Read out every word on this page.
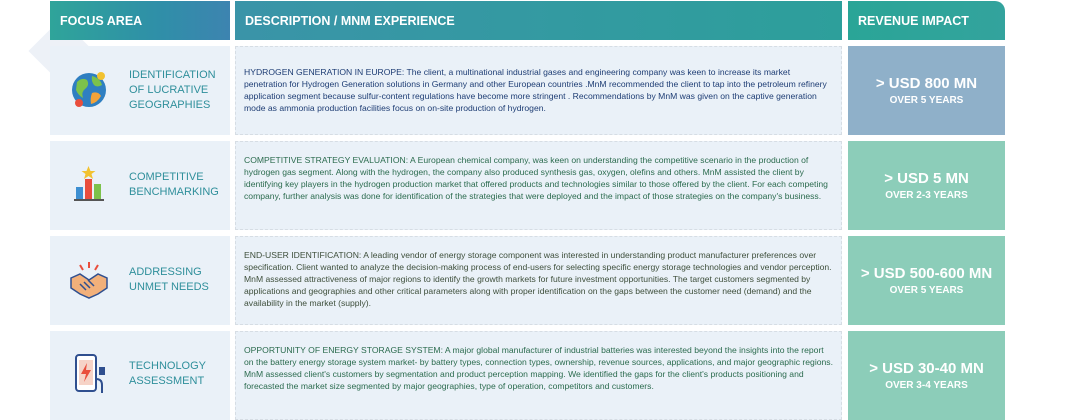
FOCUS AREA	DESCRIPTION / MNM EXPERIENCE	REVENUE IMPACT
IDENTIFICATION OF LUCRATIVE GEOGRAPHIES

HYDROGEN GENERATION IN EUROPE: The client, a multinational industrial gases and engineering company was keen to increase its market penetration for Hydrogen Generation solutions in Germany and other European countries .MnM recommended the client to tap into the petroleum refinery application segment because sulfur-content regulations have become more stringent . Recommendations by MnM was given on the captive generation mode as ammonia production facilities focus on on-site production of hydrogen.

> USD 800 MN
OVER 5 YEARS
COMPETITIVE BENCHMARKING

COMPETITIVE STRATEGY EVALUATION: A European chemical company, was keen on understanding the competitive scenario in the production of hydrogen gas segment. Along with the hydrogen, the company also produced synthesis gas, oxygen, olefins and others. MnM assisted the client by identifying key players in the hydrogen production market that offered products and technologies similar to those offered by the client. For each competing company, further analysis was done for identification of the strategies that were deployed and the impact of those strategies on the company's business.

> USD 5 MN
OVER 2-3 YEARS
ADDRESSING UNMET NEEDS

END-USER IDENTIFICATION: A leading vendor of energy storage component was interested in understanding product manufacturer preferences over specification. Client wanted to analyze the decision-making process of end-users for selecting specific energy storage technologies and vendor perception. MnM assessed attractiveness of major regions to identify the growth markets for future investment opportunities. The target customers segmented by applications and geographies and other critical parameters along with proper identification on the gaps between the customer need (demand) and the availability in the market (supply).

> USD 500-600 MN
OVER 5 YEARS
TECHNOLOGY ASSESSMENT

OPPORTUNITY OF ENERGY STORAGE SYSTEM: A major global manufacturer of industrial batteries was interested beyond the insights into the report on the battery energy storage system market- by battery types, connection types, ownership, revenue sources, applications, and major geographic regions. MnM assessed client's customers by segmentation and product perception mapping. We identified the gaps for the client's products positioning and forecasted the market size segmented by major geographies, type of operation, competitors and customers.

> USD 30-40 MN
OVER 3-4 YEARS
